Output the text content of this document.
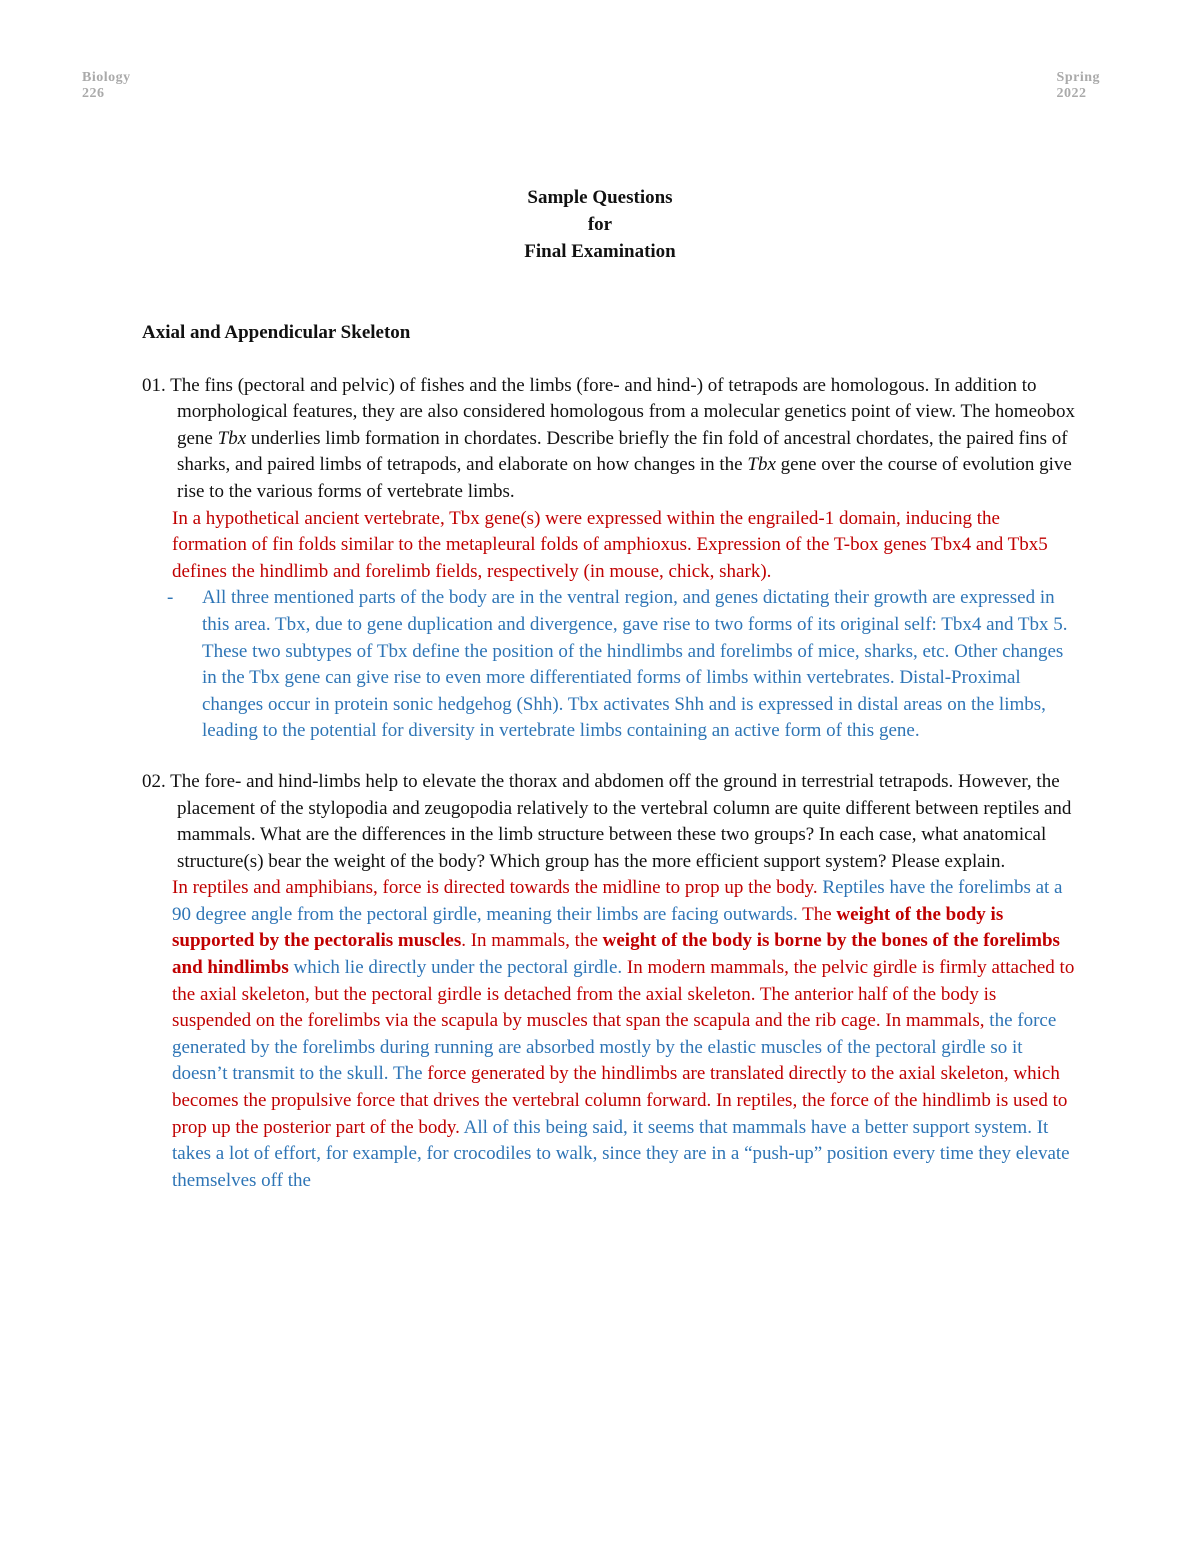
Biology
226
Spring
2022
Sample Questions
for
Final Examination

Axial and Appendicular Skeleton

01. The fins (pectoral and pelvic) of fishes and the limbs (fore- and hind-) of tetrapods are homologous. In addition to morphological features, they are also considered homologous from a molecular genetics point of view. The homeobox gene Tbx underlies limb formation in chordates. Describe briefly the fin fold of ancestral chordates, the paired fins of sharks, and paired limbs of tetrapods, and elaborate on how changes in the Tbx gene over the course of evolution give rise to the various forms of vertebrate limbs.

In a hypothetical ancient vertebrate, Tbx gene(s) were expressed within the engrailed-1 domain, inducing the formation of fin folds similar to the metapleural folds of amphioxus. Expression of the T-box genes Tbx4 and Tbx5 defines the hindlimb and forelimb fields, respectively (in mouse, chick, shark).

- All three mentioned parts of the body are in the ventral region, and genes dictating their growth are expressed in this area. Tbx, due to gene duplication and divergence, gave rise to two forms of its original self: Tbx4 and Tbx 5. These two subtypes of Tbx define the position of the hindlimbs and forelimbs of mice, sharks, etc. Other changes in the Tbx gene can give rise to even more differentiated forms of limbs within vertebrates. Distal-Proximal changes occur in protein sonic hedgehog (Shh). Tbx activates Shh and is expressed in distal areas on the limbs, leading to the potential for diversity in vertebrate limbs containing an active form of this gene.

02. The fore- and hind-limbs help to elevate the thorax and abdomen off the ground in terrestrial tetrapods. However, the placement of the stylopodia and zeugopodia relatively to the vertebral column are quite different between reptiles and mammals. What are the differences in the limb structure between these two groups? In each case, what anatomical structure(s) bear the weight of the body? Which group has the more efficient support system? Please explain.

In reptiles and amphibians, force is directed towards the midline to prop up the body. Reptiles have the forelimbs at a 90 degree angle from the pectoral girdle, meaning their limbs are facing outwards. The weight of the body is supported by the pectoralis muscles. In mammals, the weight of the body is borne by the bones of the forelimbs and hindlimbs which lie directly under the pectoral girdle. In modern mammals, the pelvic girdle is firmly attached to the axial skeleton, but the pectoral girdle is detached from the axial skeleton. The anterior half of the body is suspended on the forelimbs via the scapula by muscles that span the scapula and the rib cage. In mammals, the force generated by the forelimbs during running are absorbed mostly by the elastic muscles of the pectoral girdle so it doesn’t transmit to the skull. The force generated by the hindlimbs are translated directly to the axial skeleton, which becomes the propulsive force that drives the vertebral column forward. In reptiles, the force of the hindlimb is used to prop up the posterior part of the body. All of this being said, it seems that mammals have a better support system. It takes a lot of effort, for example, for crocodiles to walk, since they are in a “push-up” position every time they elevate themselves off the
